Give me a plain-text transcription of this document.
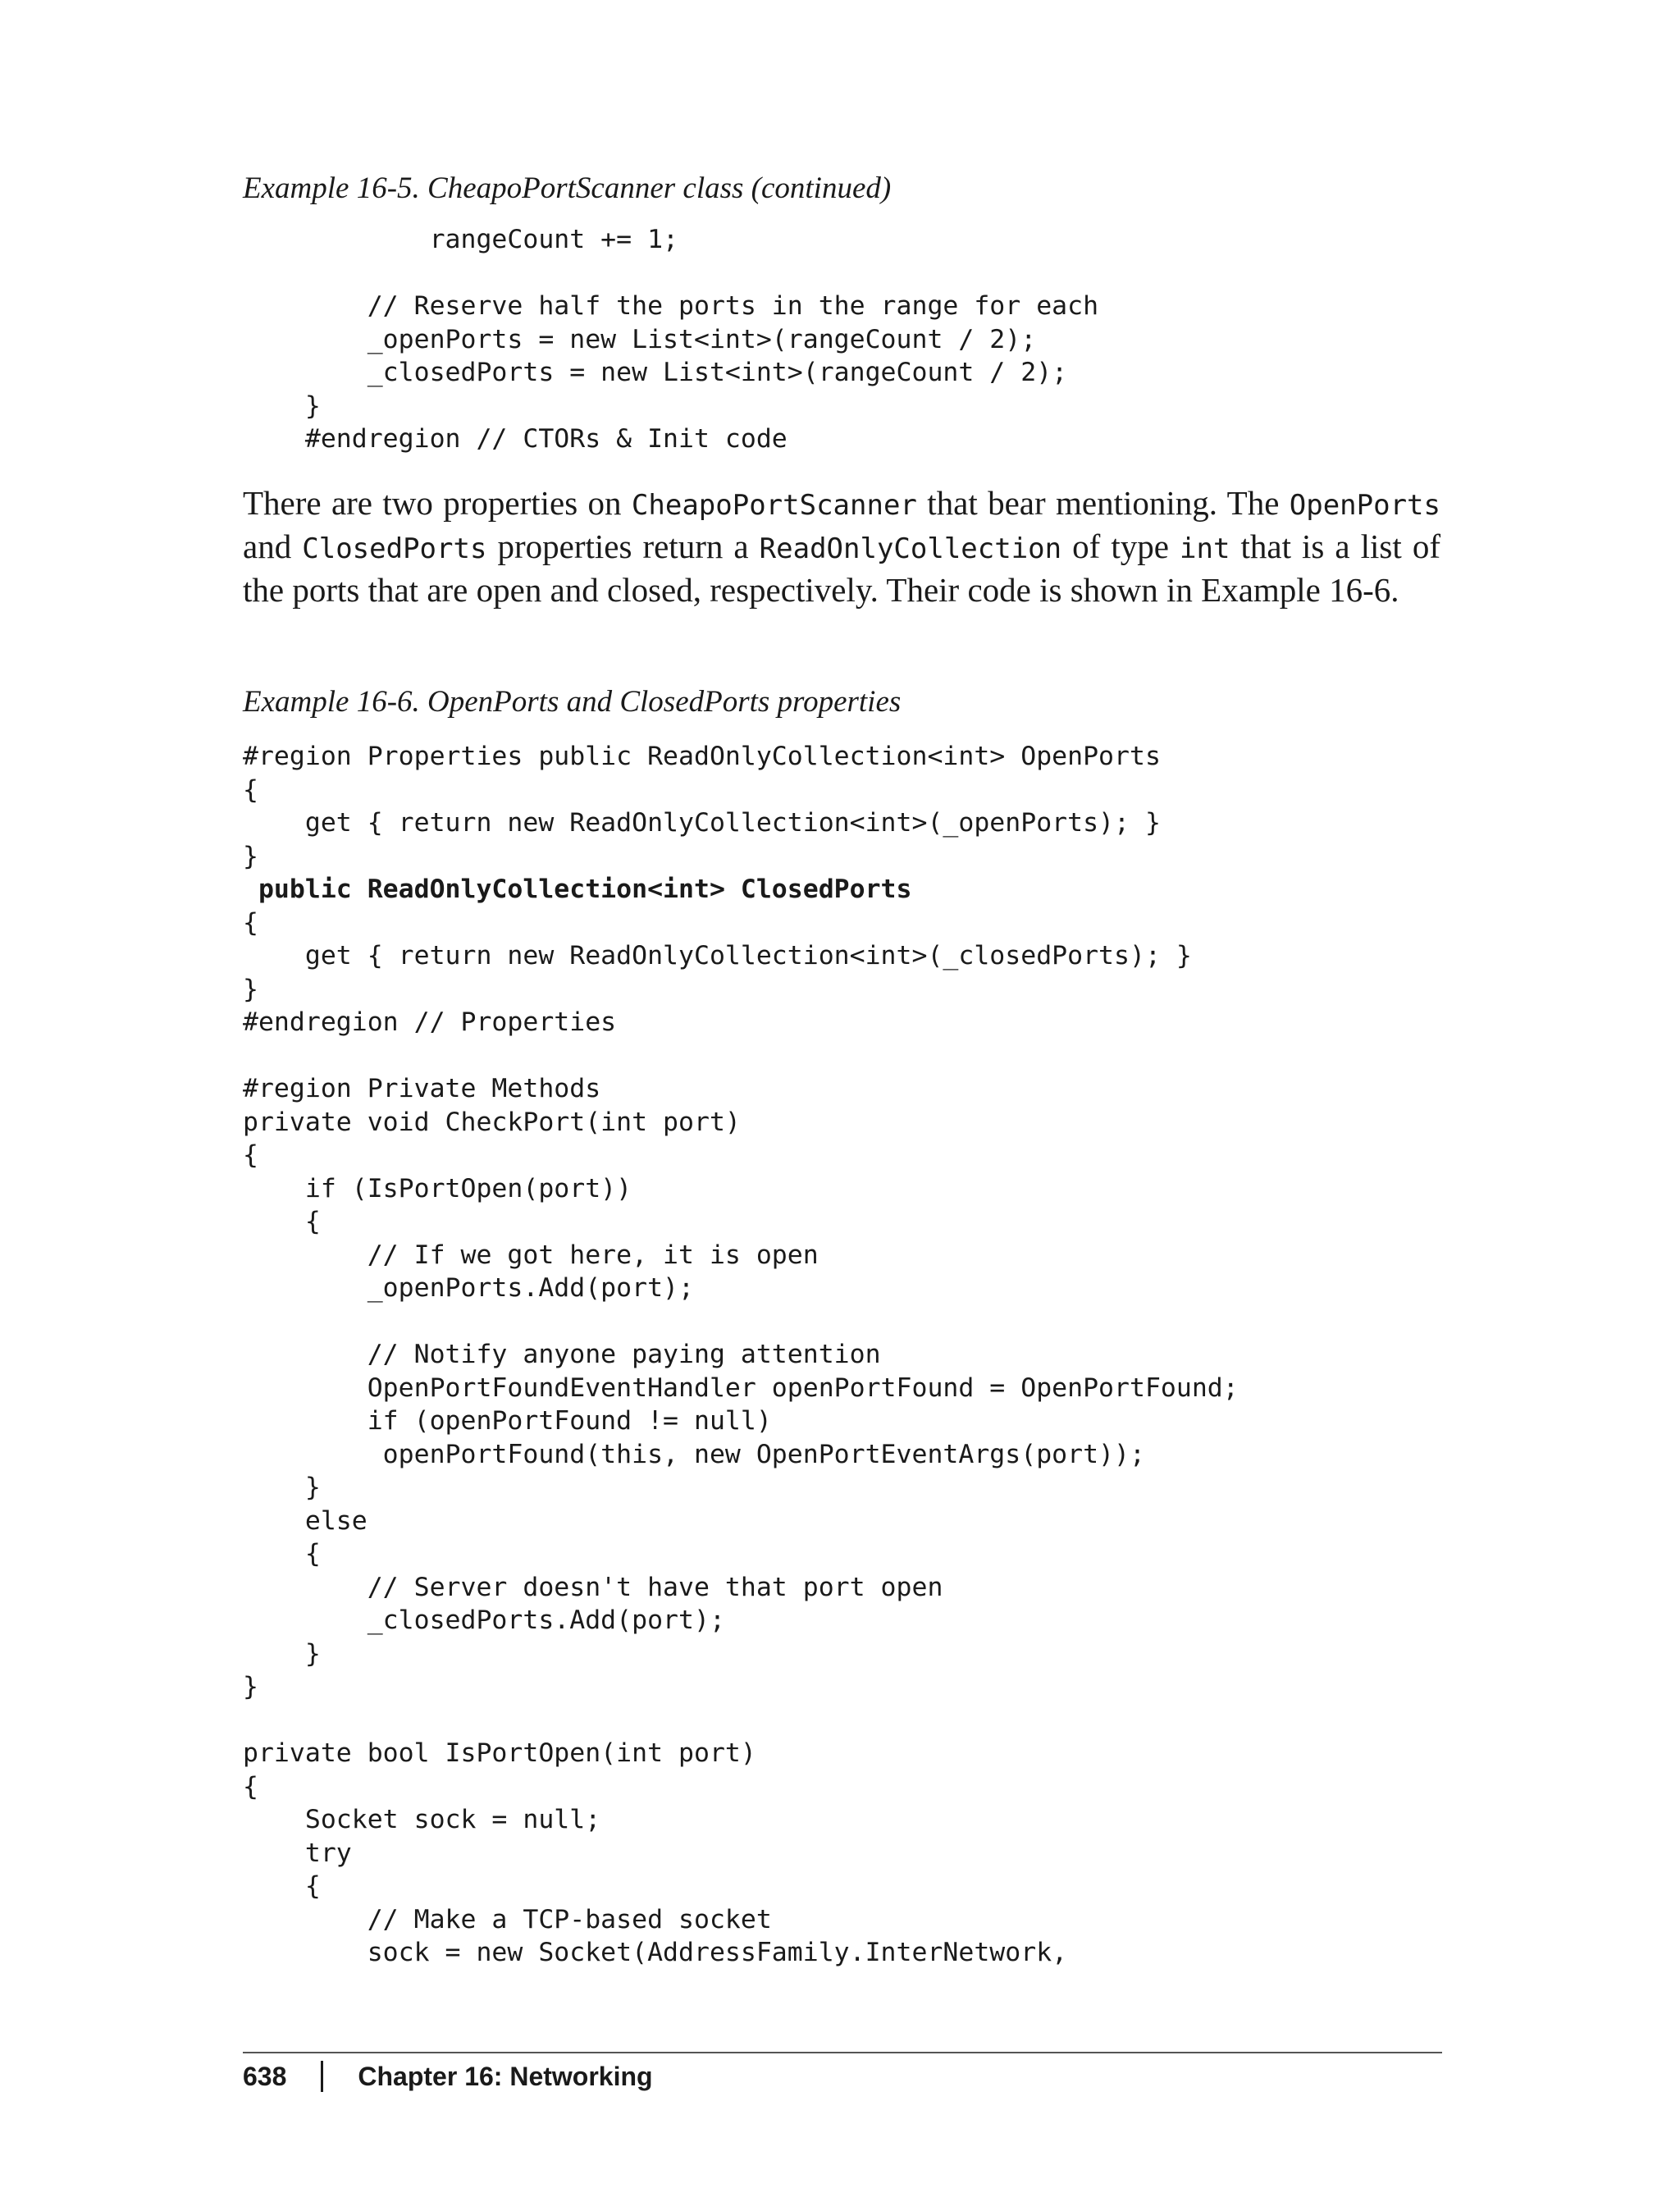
Example 16-5. CheapoPortScanner class (continued)
rangeCount += 1;
// Reserve half the ports in the range for each
_openPorts = new List<int>(rangeCount / 2);
_closedPorts = new List<int>(rangeCount / 2);
}
#endregion // CTORs & Init code
There are two properties on CheapoPortScanner that bear mentioning. The OpenPorts and ClosedPorts properties return a ReadOnlyCollection of type int that is a list of the ports that are open and closed, respectively. Their code is shown in Example 16-6.
Example 16-6. OpenPorts and ClosedPorts properties
#region Properties public ReadOnlyCollection<int> OpenPorts
{
get { return new ReadOnlyCollection<int>(_openPorts); }
}
public ReadOnlyCollection<int> ClosedPorts
{
get { return new ReadOnlyCollection<int>(_closedPorts); }
}
#endregion // Properties
#region Private Methods
private void CheckPort(int port)
{
if (IsPortOpen(port))
{
// If we got here, it is open
_openPorts.Add(port);
// Notify anyone paying attention
OpenPortFoundEventHandler openPortFound = OpenPortFound;
if (openPortFound != null)
openPortFound(this, new OpenPortEventArgs(port));
}
else
{
// Server doesn't have that port open
_closedPorts.Add(port);
}
}
private bool IsPortOpen(int port)
{
Socket sock = null;
try
{
// Make a TCP-based socket
sock = new Socket(AddressFamily.InterNetwork,
638	Chapter 16: Networking
